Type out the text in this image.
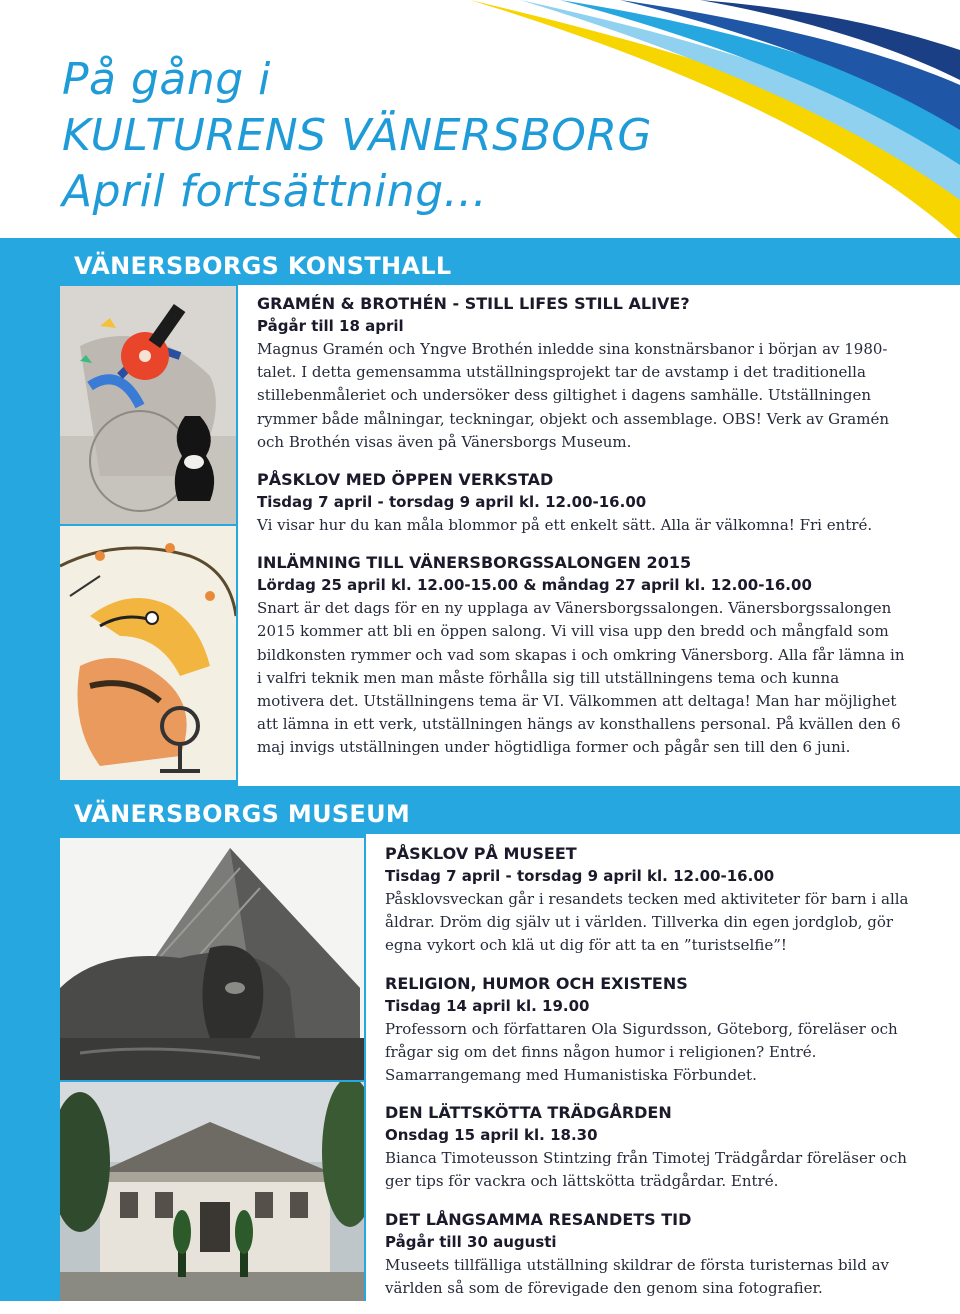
På gång i
KULTURENS VÄNERSBORG
April fortsättning...
VÄNERSBORGS KONSTHALL
GRAMÉN & BROTHÉN - STILL LIFES STILL ALIVE?
Pågår till 18 april
Magnus Gramén och Yngve Brothén inledde sina konstnärsbanor i början av 1980-talet. I detta gemensamma utställningsprojekt tar de avstamp i det traditionella stillebenmåleriet och undersöker dess giltighet i dagens samhälle. Utställningen rymmer både målningar, teckningar, objekt och assemblage. OBS! Verk av Gramén och Brothén visas även på Vänersborgs Museum.
PÅSKLOV MED ÖPPEN VERKSTAD
Tisdag 7 april - torsdag 9 april kl. 12.00-16.00
Vi visar hur du kan måla blommor på ett enkelt sätt. Alla är välkomna! Fri entré.
INLÄMNING TILL VÄNERSBORGSSALONGEN 2015
Lördag 25 april kl. 12.00-15.00 & måndag 27 april kl. 12.00-16.00
Snart är det dags för en ny upplaga av Vänersborgssalongen. Vänersborgssalongen 2015 kommer att bli en öppen salong. Vi vill visa upp den bredd och mångfald som bildkonsten rymmer och vad som skapas i och omkring Vänersborg. Alla får lämna in i valfri teknik men man måste förhålla sig till utställningens tema och kunna motivera det. Utställningens tema är VI. Välkommen att deltaga! Man har möjlighet att lämna in ett verk, utställningen hängs av konsthallens personal. På kvällen den 6 maj invigs utställningen under högtidliga former och pågår sen till den 6 juni.
VÄNERSBORGS MUSEUM
PÅSKLOV PÅ MUSEET
Tisdag 7 april - torsdag 9 april kl. 12.00-16.00
Påsklovsveckan går i resandets tecken med aktiviteter för barn i alla åldrar. Dröm dig själv ut i världen. Tillverka din egen jordglob, gör egna vykort och klä ut dig för att ta en ”turistselfie”!
RELIGION, HUMOR OCH EXISTENS
Tisdag 14 april kl. 19.00
Professorn och författaren Ola Sigurdsson, Göteborg, föreläser och frågar sig om det finns någon humor i religionen? Entré. Samarrangemang med Humanistiska Förbundet.
DEN LÄTTSKÖTTA TRÄDGÅRDEN
Onsdag 15 april kl. 18.30
Bianca Timoteusson Stintzing från Timotej Trädgårdar föreläser och ger tips för vackra och lättskötta trädgårdar. Entré.
DET LÅNGSAMMA RESANDETS TID
Pågår till 30 augusti
Museets tillfälliga utställning skildrar de första turisternas bild av världen så som de förevigade den genom sina fotografier.
